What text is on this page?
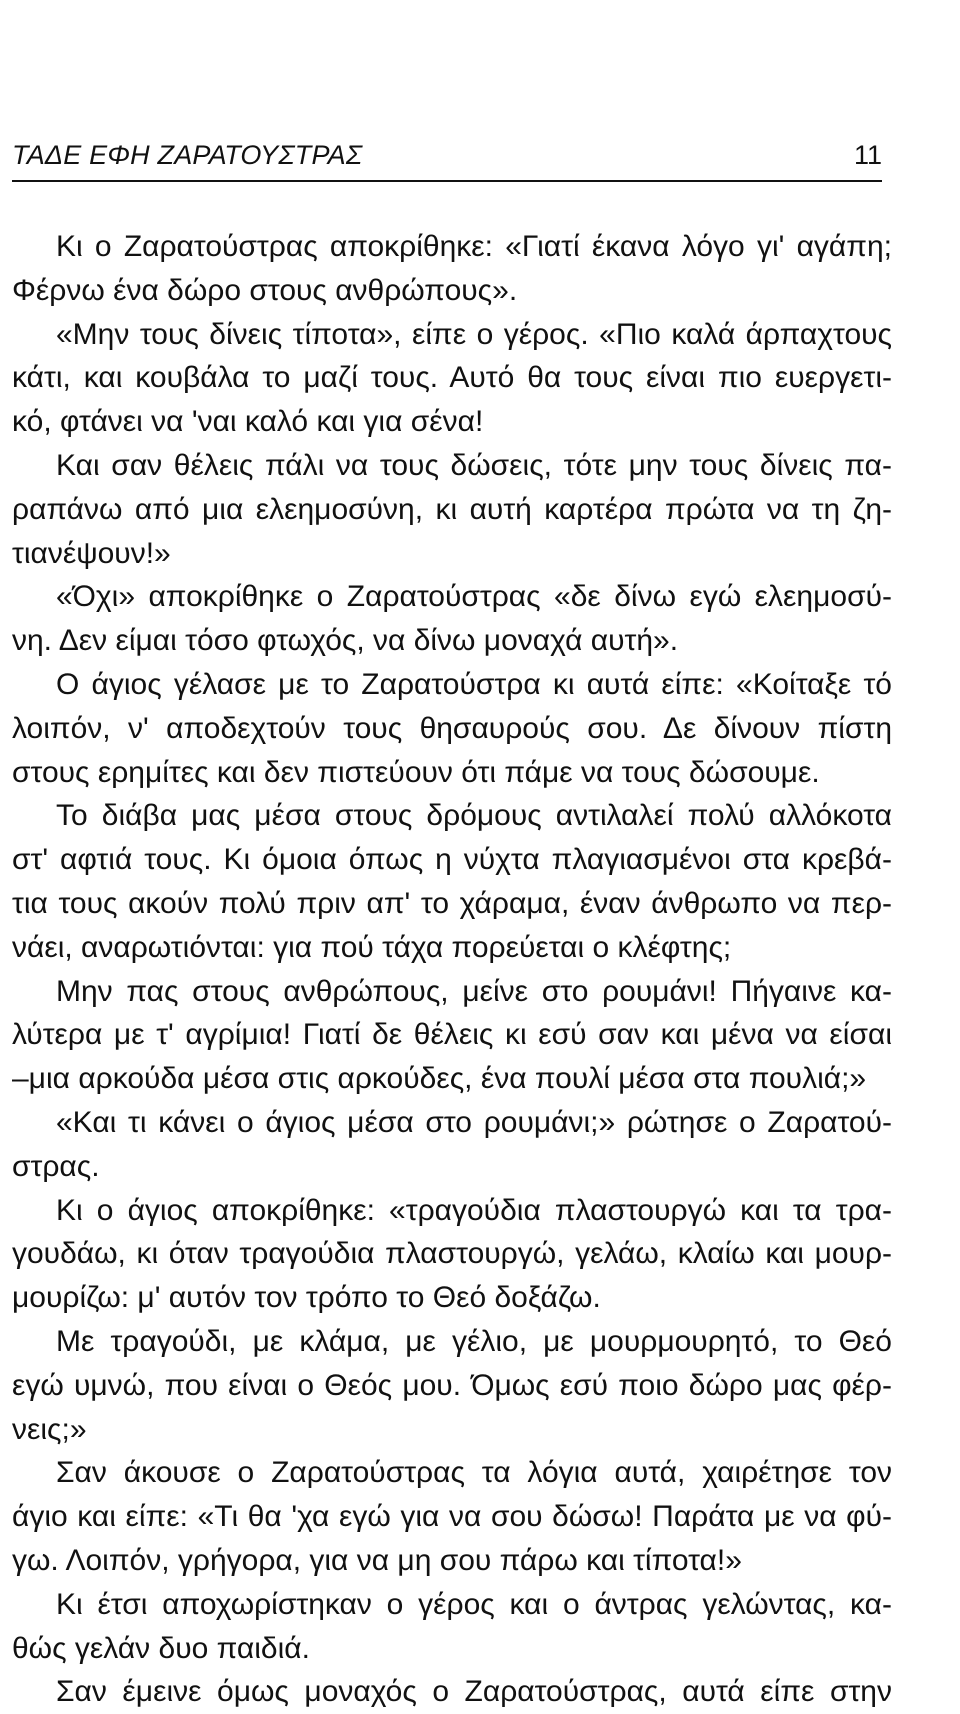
ΤΑΔΕ ΕΦΗ ΖΑΡΑΤΟΥΣΤΡΑΣ	11
Κι ο Ζαρατούστρας αποκρίθηκε: «Γιατί έκανα λόγο γι' αγάπη;
Φέρνω ένα δώρο στους ανθρώπους».
«Μην τους δίνεις τίποτα», είπε ο γέρος. «Πιο καλά άρπαχτους
κάτι, και κουβάλα το μαζί τους. Αυτό θα τους είναι πιο ευεργετι-
κό, φτάνει να 'ναι καλό και για σένα!
Και σαν θέλεις πάλι να τους δώσεις, τότε μην τους δίνεις πα-
ραπάνω από μια ελεημοσύνη, κι αυτή καρτέρα πρώτα να τη ζη-
τιανέψουν!»
«Όχι» αποκρίθηκε ο Ζαρατούστρας «δε δίνω εγώ ελεημοσύ-
νη. Δεν είμαι τόσο φτωχός, να δίνω μοναχά αυτή».
Ο άγιος γέλασε με το Ζαρατούστρα κι αυτά είπε: «Κοίταξε τό
λοιπόν, ν' αποδεχτούν τους θησαυρούς σου. Δε δίνουν πίστη
στους ερημίτες και δεν πιστεύουν ότι πάμε να τους δώσουμε.
Το διάβα μας μέσα στους δρόμους αντιλαλεί πολύ αλλόκοτα
στ' αφτιά τους. Κι όμοια όπως η νύχτα πλαγιασμένοι στα κρεβά-
τια τους ακούν πολύ πριν απ' το χάραμα, έναν άνθρωπο να περ-
νάει, αναρωτιόνται: για πού τάχα πορεύεται ο κλέφτης;
Μην πας στους ανθρώπους, μείνε στο ρουμάνι! Πήγαινε κα-
λύτερα με τ' αγρίμια! Γιατί δε θέλεις κι εσύ σαν και μένα να είσαι
–μια αρκούδα μέσα στις αρκούδες, ένα πουλί μέσα στα πουλιά;»
«Και τι κάνει ο άγιος μέσα στο ρουμάνι;» ρώτησε ο Ζαρατού-
στρας.
Κι ο άγιος αποκρίθηκε: «τραγούδια πλαστουργώ και τα τρα-
γουδάω, κι όταν τραγούδια πλαστουργώ, γελάω, κλαίω και μουρ-
μουρίζω: μ' αυτόν τον τρόπο το Θεό δοξάζω.
Με τραγούδι, με κλάμα, με γέλιο, με μουρμουρητό, το Θεό
εγώ υμνώ, που είναι ο Θεός μου. Όμως εσύ ποιο δώρο μας φέρ-
νεις;»
Σαν άκουσε ο Ζαρατούστρας τα λόγια αυτά, χαιρέτησε τον
άγιο και είπε: «Τι θα 'χα εγώ για να σου δώσω! Παράτα με να φύ-
γω. Λοιπόν, γρήγορα, για να μη σου πάρω και τίποτα!»
Κι έτσι αποχωρίστηκαν ο γέρος και ο άντρας γελώντας, κα-
θώς γελάν δυο παιδιά.
Σαν έμεινε όμως μοναχός ο Ζαρατούστρας, αυτά είπε στην
